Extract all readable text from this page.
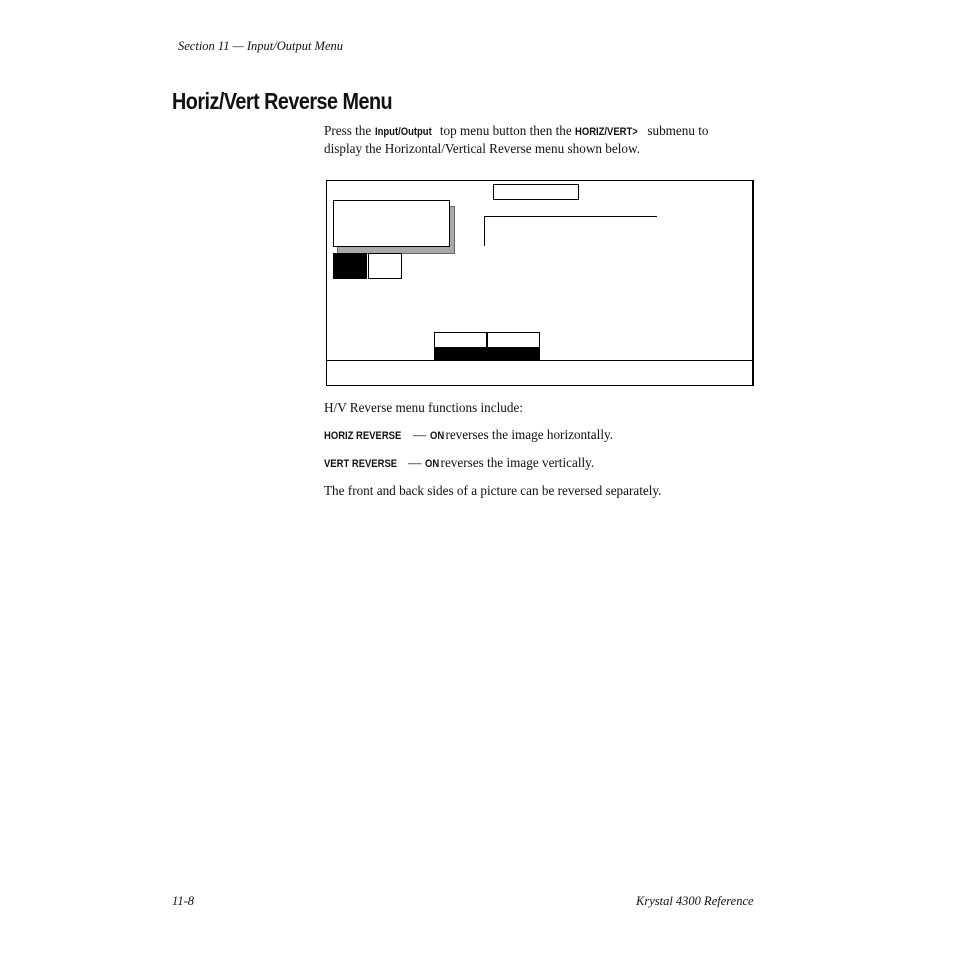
Section 11 — Input/Output Menu
Horiz/Vert Reverse Menu
Press the Input/Output top menu button then the HORIZ/VERT> submenu to
display the Horizontal/Vertical Reverse menu shown below.
H/V Reverse menu functions include:
HORIZ REVERSE — ON reverses the image horizontally.
VERT REVERSE — ON reverses the image vertically.
The front and back sides of a picture can be reversed separately.
11-8	Krystal 4300 Reference
